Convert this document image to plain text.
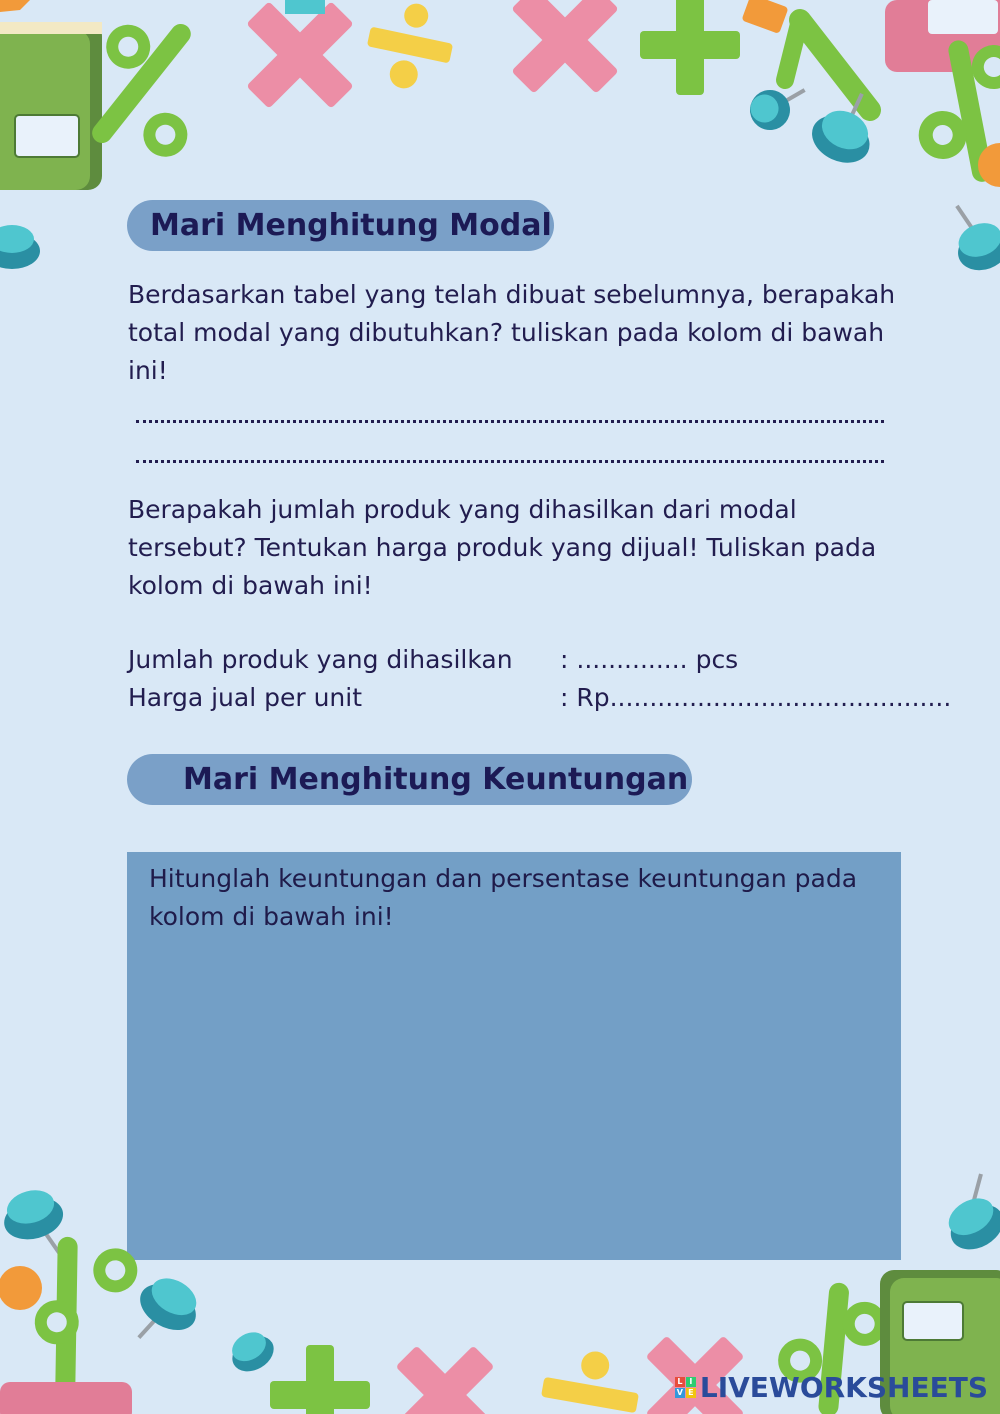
Mari Menghitung Modal

Berdasarkan tabel yang telah dibuat sebelumnya, berapakah total modal yang dibutuhkan? tuliskan pada kolom di bawah ini!

Berapakah jumlah produk yang dihasilkan dari modal tersebut? Tentukan harga produk yang dijual! Tuliskan pada kolom di bawah ini!

Jumlah produk yang dihasilkan : .............. pcs
Harga jual per unit	: Rp...........................................
Mari Menghitung Keuntungan

Hitunglah keuntungan dan persentase keuntungan pada kolom di bawah ini!

L I
V E LIVEWORKSHEETS
